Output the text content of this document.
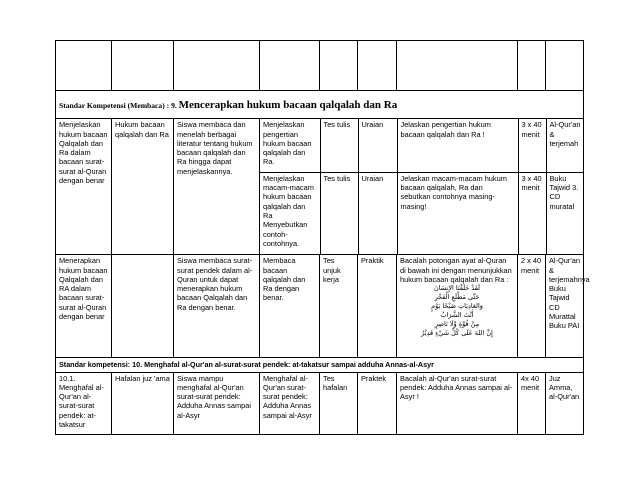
Standar Kompetensi (Membaca) : 9. Mencerapkan hukum bacaan qalqalah dan Ra
Menjelaskan hukum bacaan Qalqalah dan Ra dalam bacaan surat-surat al-Quran dengan benar	Hukum bacaan qalqalah dan Ra	Siswa membaca dan menelah berbagai literatur tentang hukum bacaan qalqalah dan Ra hingga dapat menjelaskannya.	
Menjelaskan pengertian hukum bacaan qalqalah dan Ra.	Tes tulis	Uraian	Jelaskan pengertian hukum bacaan qalqalah dan Ra !	3 x 40 menit	Al-Qur'an & terjemah
Menjelaskan macam-macam hukum bacaan qalqalah dan Ra Menyebutkan contoh-contohnya.	Tes tulis	Uraian	Jelaskan macam-macam hukum bacaan qalqalah, Ra dan sebutkan contohnya masing-masing!	3 x 40 menit	Buku Tajwid 3. CD muratal

Menerapkan hukum bacaan Qalqalah dan RA dalam bacaan surat-surat al-Quran dengan benar		Siswa membaca surat-surat pendek dalam al-Quran untuk dapat menerapkan hukum bacaan Qalqalah dan Ra dengan benar.	Membaca bacaan qalqalah dan Ra dengan benar.	Tes unjuk kerja	Praktik	Bacalah potongan ayat al-Quran di bawah ini dengan menunjukkan hukum bacaan qalqalah dan Ra :
لَقَدْ خَلَقْنَا الإِنسَانَ
حَتَّى مَطْلَعِ الْفَجْرِ
وَالعَادِيَاتِ ضَبْحًا يَوْمٍ
أَنْتَ الشَّرَابُ
مِنْ قُوَّةٍ وَّلَا نَاصِرٍ
إِنَّ اللهَ عَلَى كُلِّ شَيْءٍ قَدِيْرٌ
	2 x 40 menit	Al-Qur'an & terjemahnya Buku Tajwid CD Murattal Buku PAI
Standar kompetensi: 10. Menghafal al-Qur'an al-surat-surat pendek: at-takatsur sampai adduha Annas-al-Asyr
10.1. Menghafal al-Qur'an al-surat-surat pendek: at-takatsur	Hafalan juz 'ama	Siswa mampu menghafal al-Qur'an surat-surat pendek: Adduha Annas sampai al-Asyr	Menghafal al-Qur'an surat-surat pendek: Adduha Annas sampai al-Asyr	Tes hafalan	Praktek	Bacalah al-Qur'an surat-surat pendek: Adduha Annas sampai al-Asyr !	4x 40 menit	Juz Amma, al-Qur'an
